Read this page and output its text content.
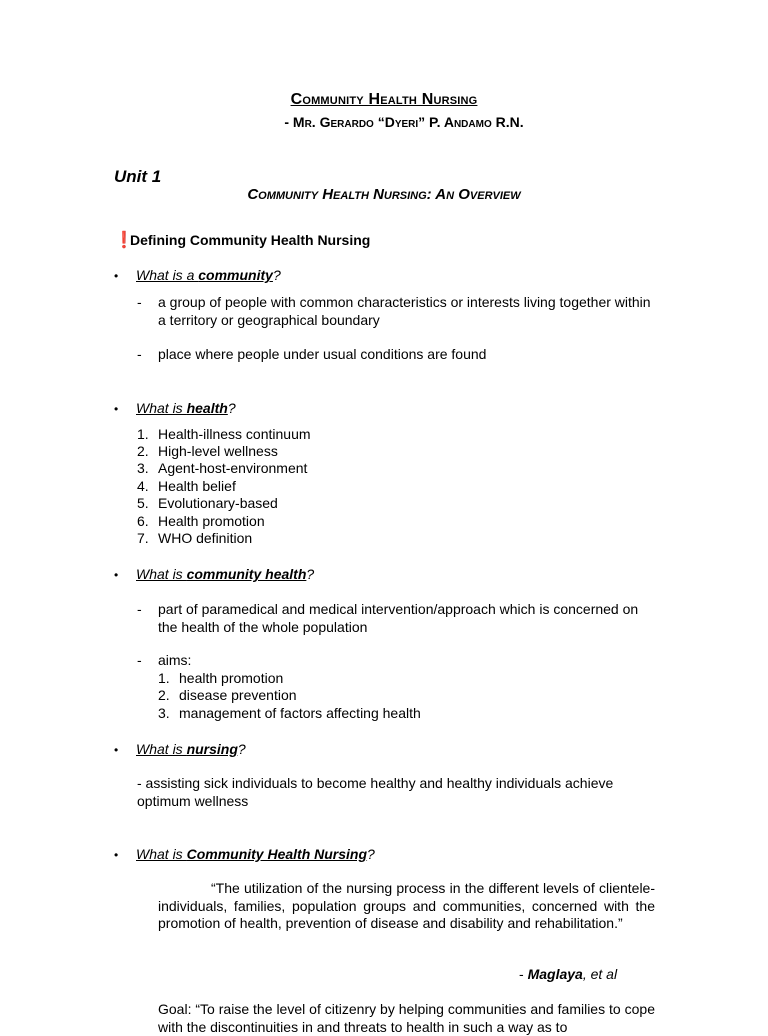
Community Health Nursing
- Mr. Gerardo “Dyeri” P. Andamo R.N.
Unit 1
Community Health Nursing: An Overview
❗Defining Community Health Nursing
• What is a community?
- a group of people with common characteristics or interests living together within a territory or geographical boundary
- place where people under usual conditions are found
• What is health?
1. Health-illness continuum
2. High-level wellness
3. Agent-host-environment
4. Health belief
5. Evolutionary-based
6. Health promotion
7. WHO definition
• What is community health?
- part of paramedical and medical intervention/approach which is concerned on the health of the whole population
- aims:
1. health promotion
2. disease prevention
3. management of factors affecting health
• What is nursing?
- assisting sick individuals to become healthy and healthy individuals achieve optimum wellness
• What is Community Health Nursing?
“The utilization of the nursing process in the different levels of clientele-individuals, families, population groups and communities, concerned with the promotion of health, prevention of disease and disability and rehabilitation.”
- Maglaya, et al
Goal: “To raise the level of citizenry by helping communities and families to cope with the discontinuities in and threats to health in such a way as to
